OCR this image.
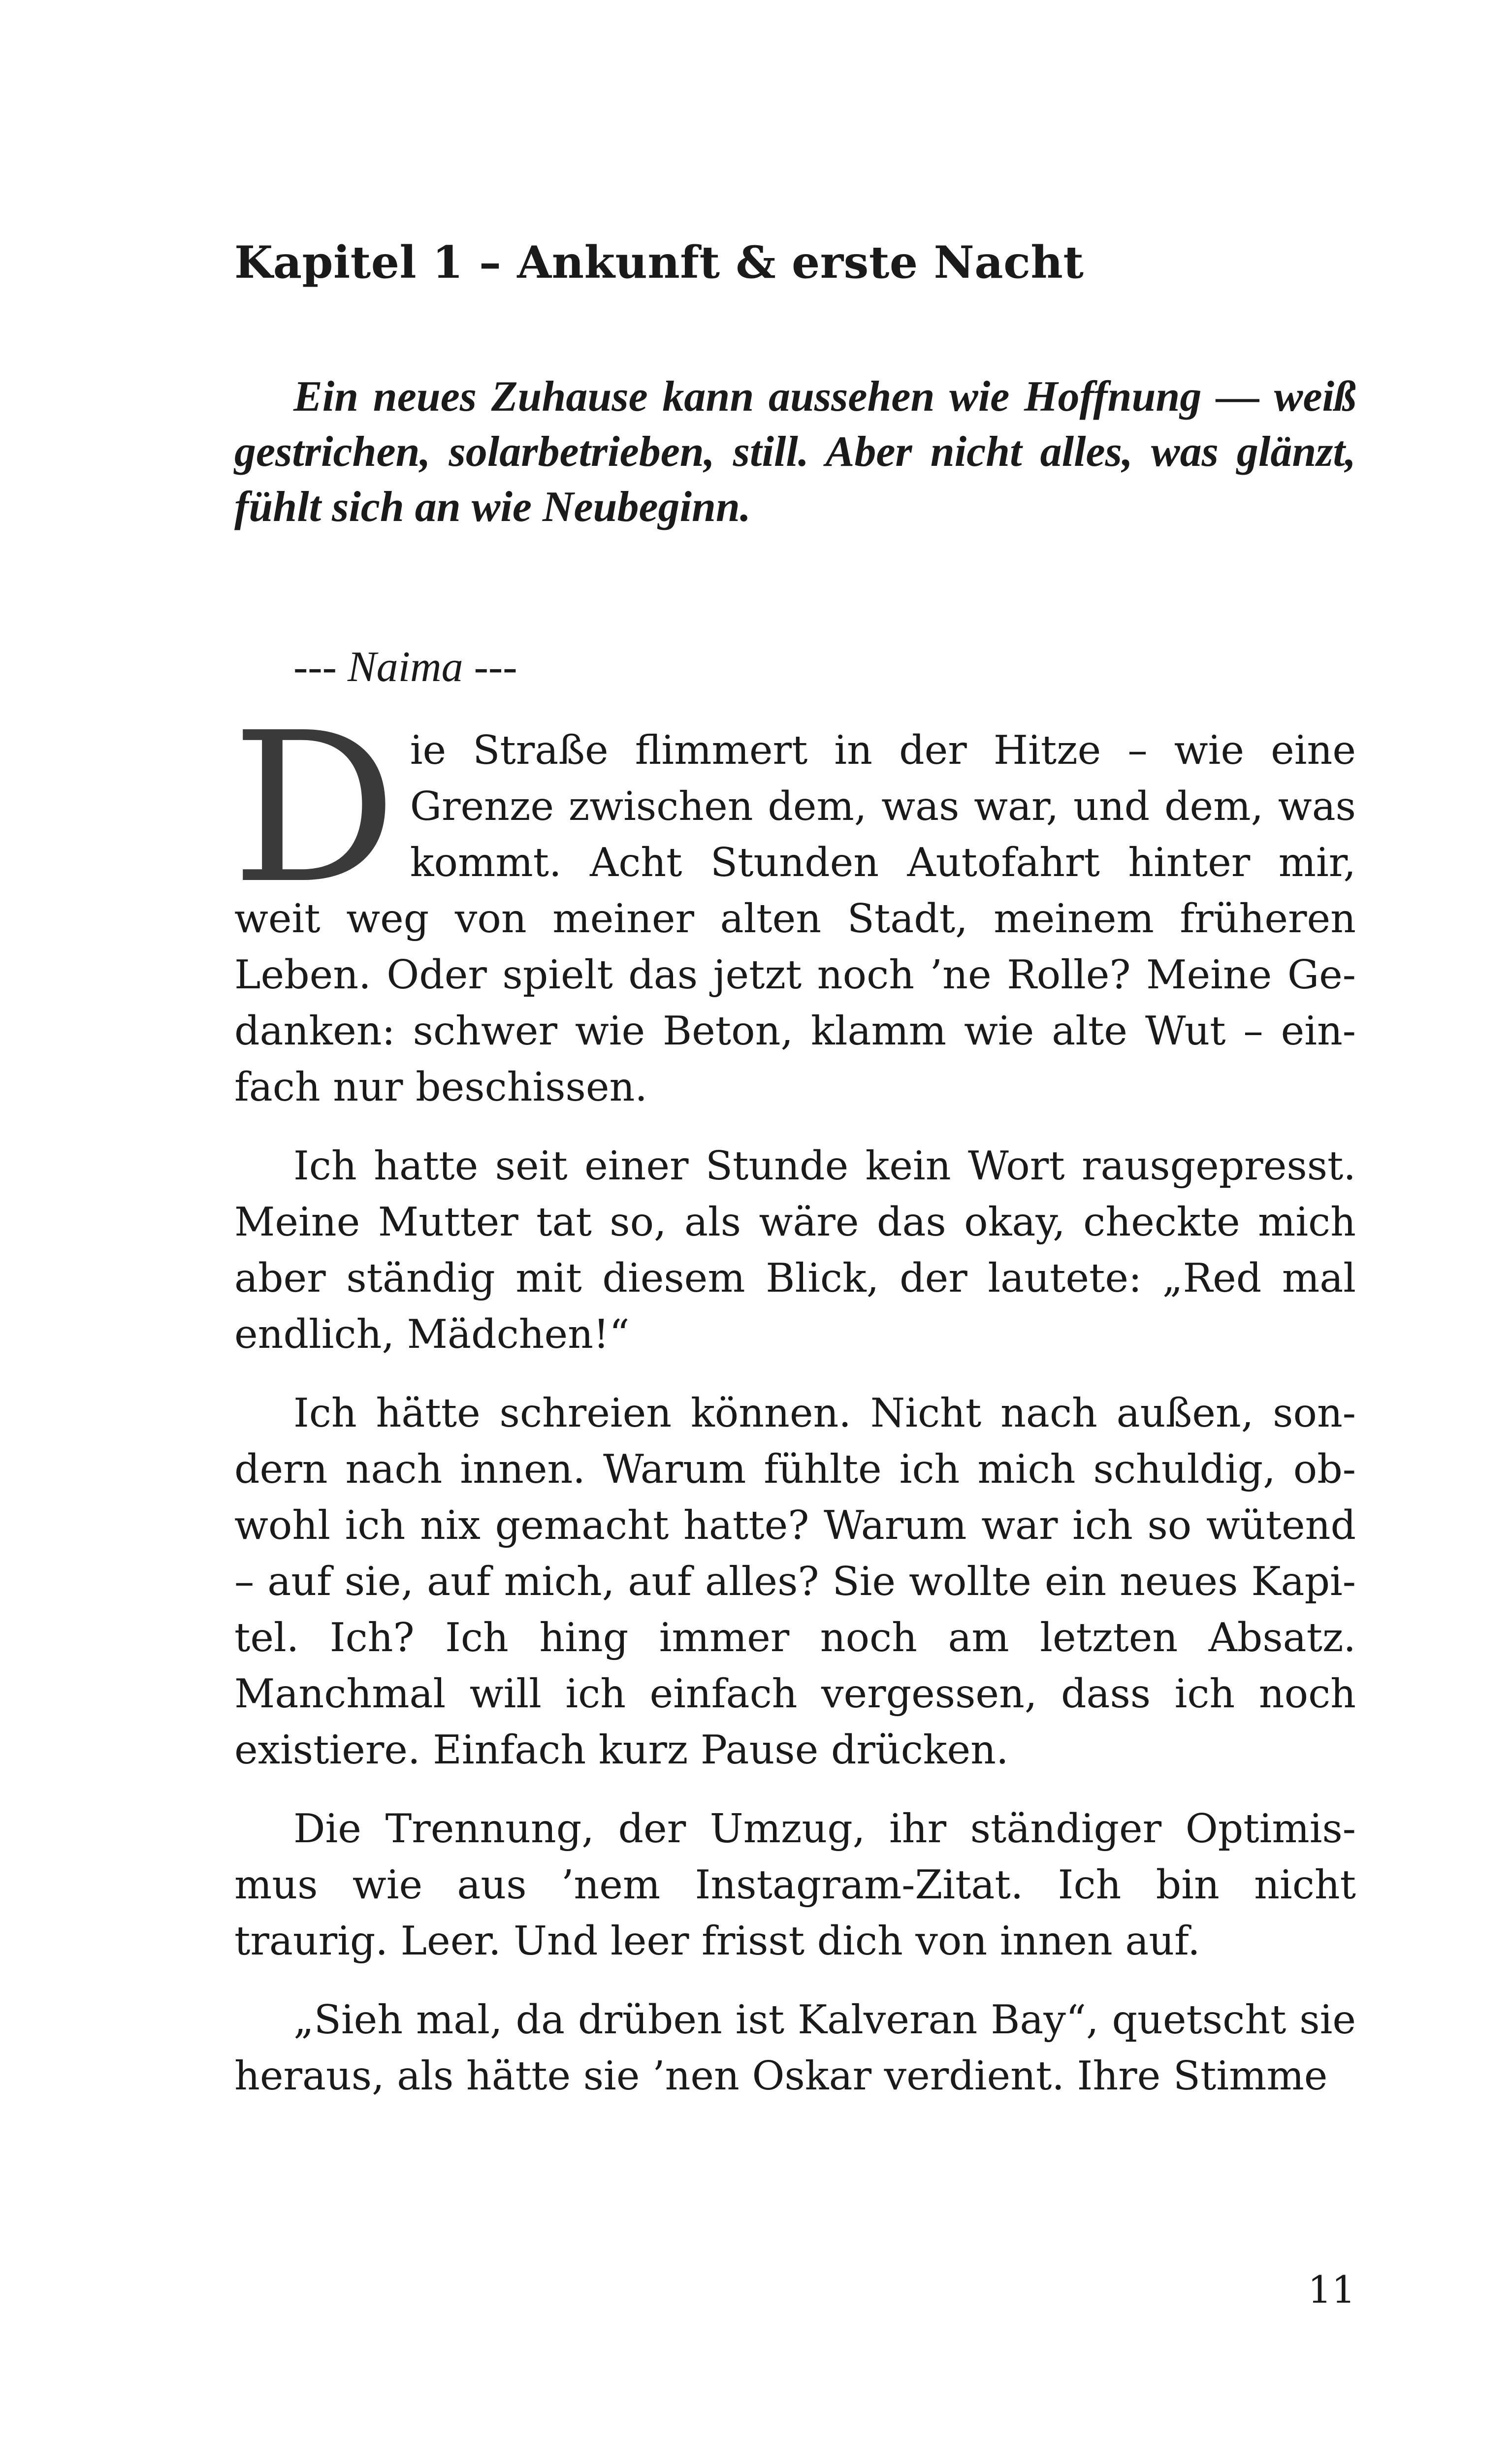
Kapitel 1 – Ankunft & erste Nacht

Ein neues Zuhause kann aussehen wie Hoffnung — weiß gestrichen, solarbetrieben, still. Aber nicht alles, was glänzt, fühlt sich an wie Neubeginn.

--- Naima ---

Die Straße flimmert in der Hitze – wie eine Grenze zwischen dem, was war, und dem, was kommt. Acht Stunden Autofahrt hinter mir, weit weg von meiner alten Stadt, meinem früheren Leben. Oder spielt das jetzt noch ’ne Rolle? Meine Gedanken: schwer wie Beton, klamm wie alte Wut – einfach nur beschissen.

Ich hatte seit einer Stunde kein Wort rausgepresst. Meine Mutter tat so, als wäre das okay, checkte mich aber ständig mit diesem Blick, der lautete: „Red mal endlich, Mädchen!“

Ich hätte schreien können. Nicht nach außen, sondern nach innen. Warum fühlte ich mich schuldig, obwohl ich nix gemacht hatte? Warum war ich so wütend – auf sie, auf mich, auf alles? Sie wollte ein neues Kapitel. Ich? Ich hing immer noch am letzten Absatz. Manchmal will ich einfach vergessen, dass ich noch existiere. Einfach kurz Pause drücken.

Die Trennung, der Umzug, ihr ständiger Optimismus wie aus ’nem Instagram-Zitat. Ich bin nicht traurig. Leer. Und leer frisst dich von innen auf.

„Sieh mal, da drüben ist Kalveran Bay“, quetscht sie heraus, als hätte sie ’nen Oskar verdient. Ihre Stimme

11
